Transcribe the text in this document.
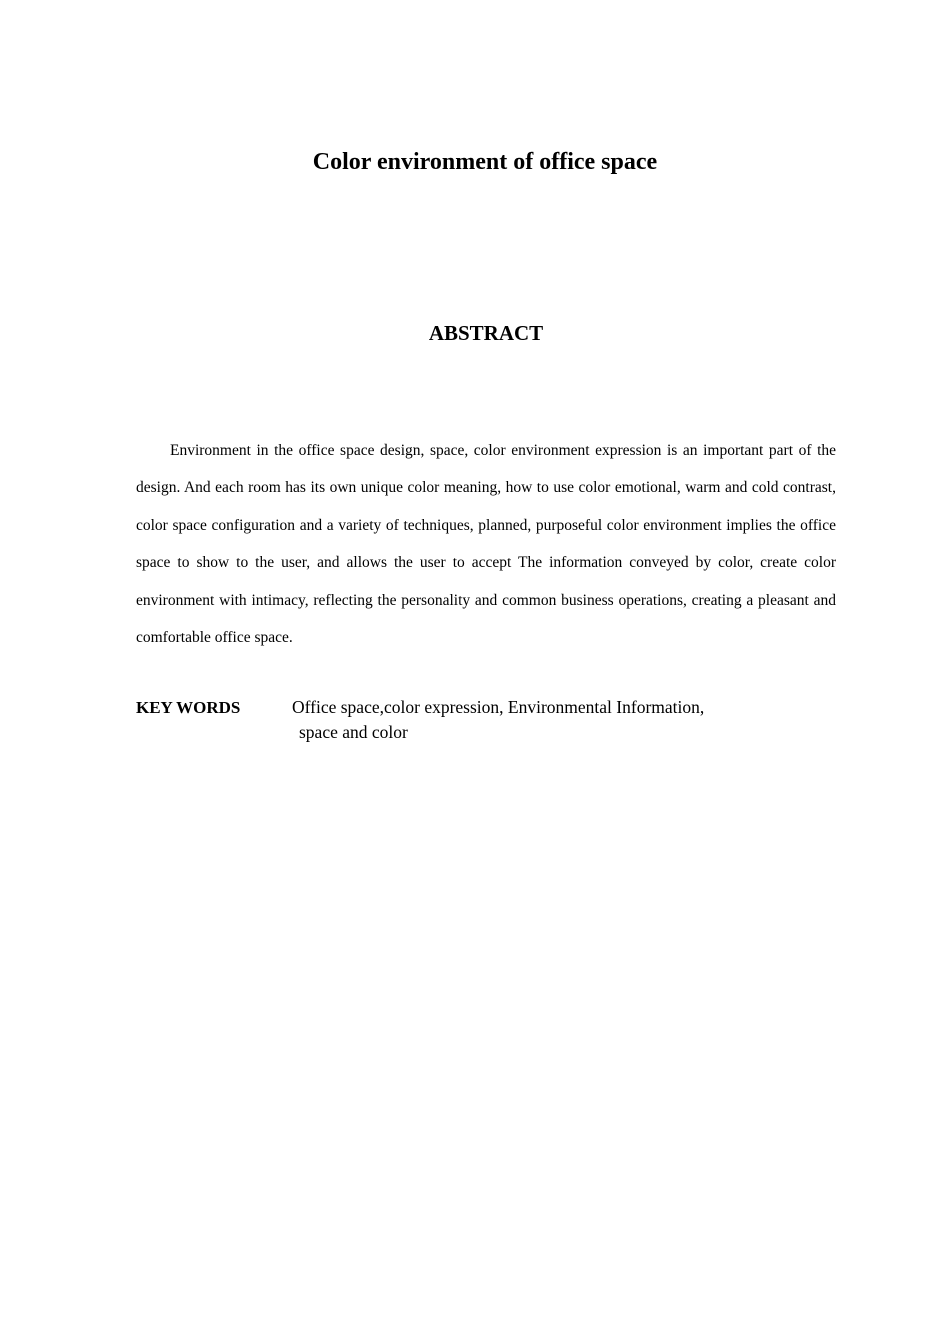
Color environment of office space
ABSTRACT

Environment in the office space design, space, color environment expression is an important part of the design. And each room has its own unique color meaning, how to use color emotional, warm and cold contrast, color space configuration and a variety of techniques, planned, purposeful color environment implies the office space to show to the user, and allows the user to accept The information conveyed by color, create color environment with intimacy, reflecting the personality and common business operations, creating a pleasant and comfortable office space.

KEY WORDS	Office space,color expression, Environmental Information,
space and color
